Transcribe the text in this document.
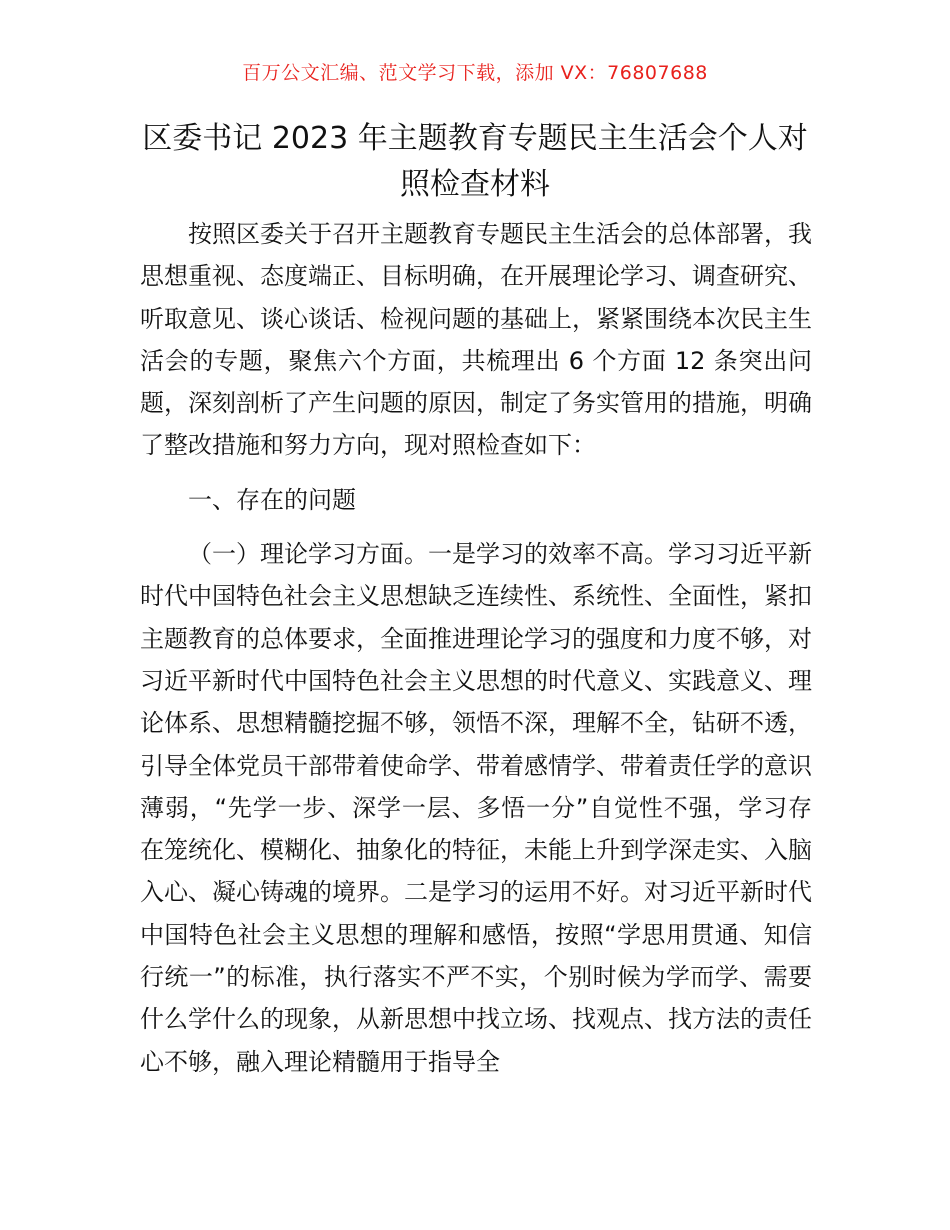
百万公文汇编、范文学习下载，添加 VX：76807688
区委书记 2023 年主题教育专题民主生活会个人对照检查材料

按照区委关于召开主题教育专题民主生活会的总体部署，我思想重视、态度端正、目标明确，在开展理论学习、调查研究、听取意见、谈心谈话、检视问题的基础上，紧紧围绕本次民主生活会的专题，聚焦六个方面，共梳理出 6 个方面 12 条突出问题，深刻剖析了产生问题的原因，制定了务实管用的措施，明确了整改措施和努力方向，现对照检查如下：

一、存在的问题

（一）理论学习方面。一是学习的效率不高。学习习近平新时代中国特色社会主义思想缺乏连续性、系统性、全面性，紧扣主题教育的总体要求，全面推进理论学习的强度和力度不够，对习近平新时代中国特色社会主义思想的时代意义、实践意义、理论体系、思想精髓挖掘不够，领悟不深，理解不全，钻研不透，引导全体党员干部带着使命学、带着感情学、带着责任学的意识薄弱，“先学一步、深学一层、多悟一分”自觉性不强，学习存在笼统化、模糊化、抽象化的特征，未能上升到学深走实、入脑入心、凝心铸魂的境界。二是学习的运用不好。对习近平新时代中国特色社会主义思想的理解和感悟，按照“学思用贯通、知信行统一”的标准，执行落实不严不实，个别时候为学而学、需要什么学什么的现象，从新思想中找立场、找观点、找方法的责任心不够，融入理论精髓用于指导全
